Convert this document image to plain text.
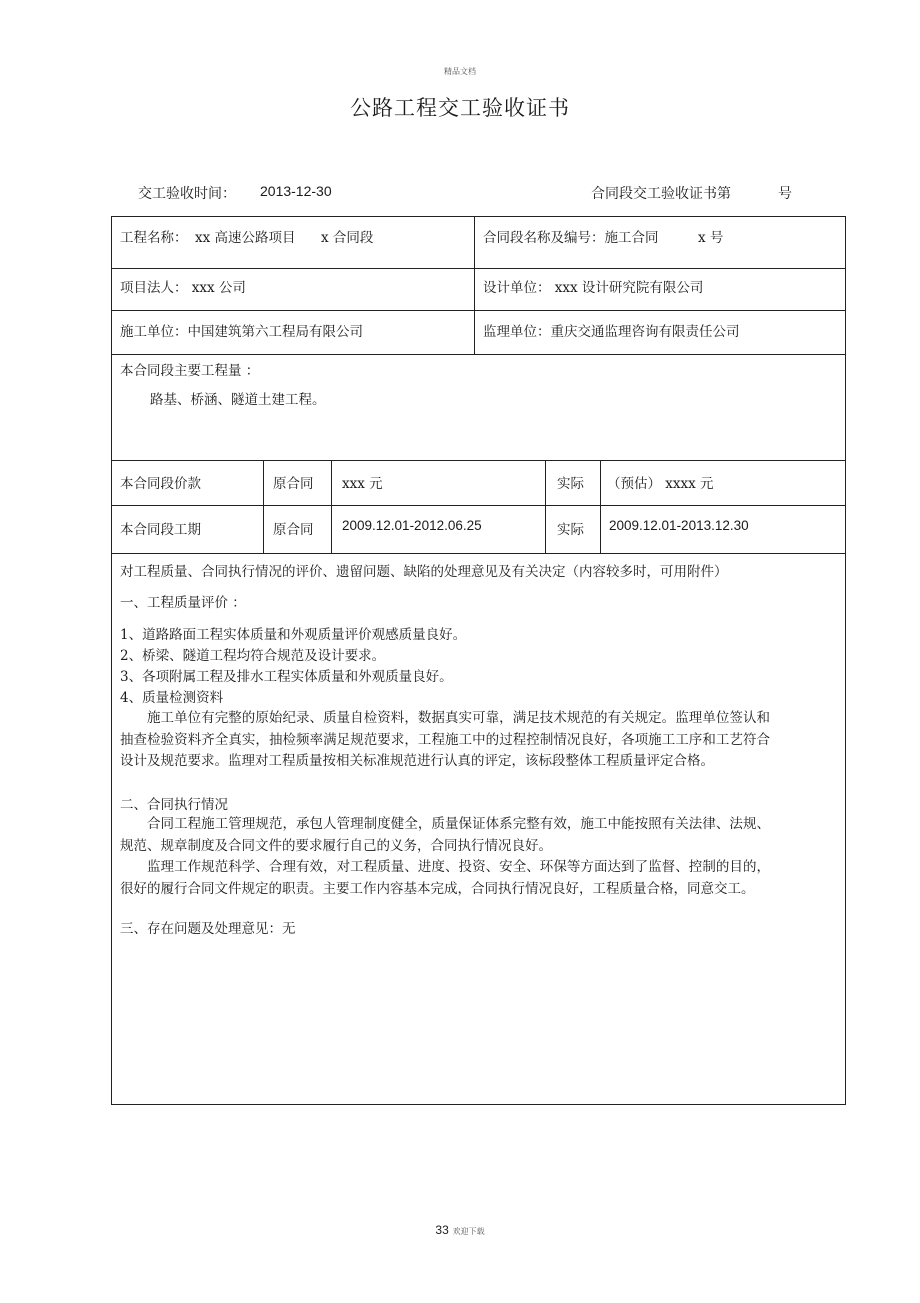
精品文档
公路工程交工验收证书
交工验收时间： 2013-12-30	合同段交工验收证书第	号
工程名称： xx 高速公路项目 x 合同段	合同段名称及编号：施工合同	x 号
项目法人： xxx 公司	设计单位： xxx 设计研究院有限公司
施工单位：中国建筑第六工程局有限公司	监理单位：重庆交通监理咨询有限责任公司
本合同段主要工程量 ：
路基、桥涵、隧道土建工程。
本合同段价款	原合同 xxx 元	实际 （预估） xxxx 元
本合同段工期	原合同 2009.12.01-2012.06.25	实际 2009.12.01-2013.12.30
对工程质量、合同执行情况的评价、遗留问题、缺陷的处理意见及有关决定（内容较多时，可用附件）
一、工程质量评价 ：
1、道路路面工程实体质量和外观质量评价观感质量良好。
2、桥梁、隧道工程均符合规范及设计要求。
3、各项附属工程及排水工程实体质量和外观质量良好。
4、质量检测资料
施工单位有完整的原始纪录、质量自检资料，数据真实可靠，满足技术规范的有关规定。监理单位签认和抽查检验资料齐全真实，抽检频率满足规范要求，工程施工中的过程控制情况良好，各项施工工序和工艺符合设计及规范要求。监理对工程质量按相关标准规范进行认真的评定，该标段整体工程质量评定合格。
二、合同执行情况
合同工程施工管理规范，承包人管理制度健全，质量保证体系完整有效，施工中能按照有关法律、法规、规范、规章制度及合同文件的要求履行自己的义务，合同执行情况良好。
监理工作规范科学、合理有效，对工程质量、进度、投资、安全、环保等方面达到了监督、控制的目的，很好的履行合同文件规定的职责。主要工作内容基本完成，合同执行情况良好，工程质量合格，同意交工。
三、存在问题及处理意见：无
33 欢迎下载
